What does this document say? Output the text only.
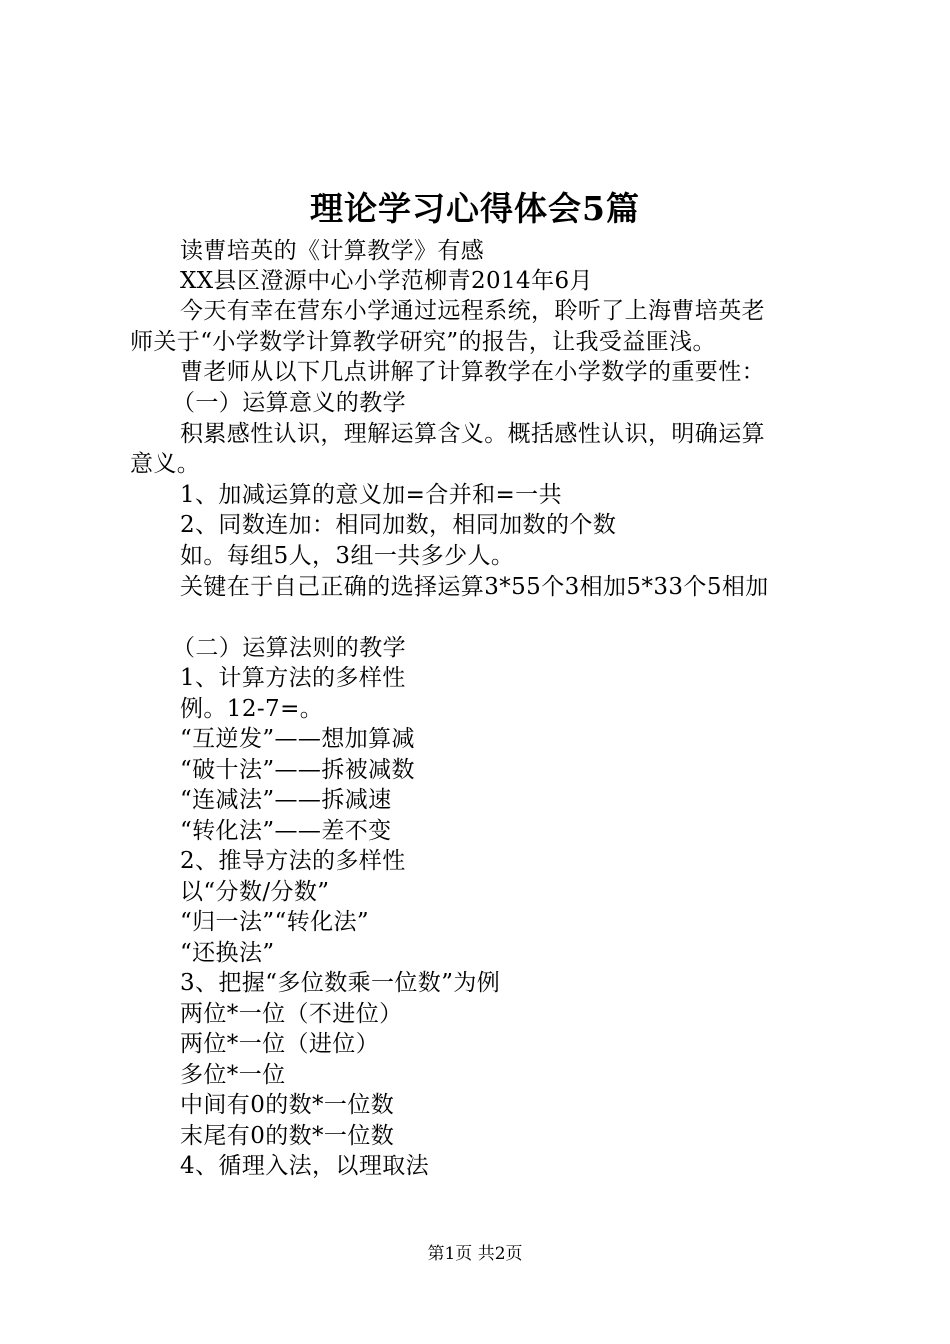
理论学习心得体会5篇
读曹培英的《计算教学》有感
XX县区澄源中心小学范柳青2014年6月
今天有幸在营东小学通过远程系统，聆听了上海曹培英老
师关于“小学数学计算教学研究”的报告，让我受益匪浅。
曹老师从以下几点讲解了计算教学在小学数学的重要性：
（一）运算意义的教学
积累感性认识，理解运算含义。概括感性认识，明确运算
意义。
1、加减运算的意义加=合并和=一共
2、同数连加：相同加数，相同加数的个数
如。每组5人，3组一共多少人。
关键在于自己正确的选择运算3*55个3相加5*33个5相加
（二）运算法则的教学
1、计算方法的多样性
例。12-7=。
“互逆发”——想加算减
“破十法”——拆被减数
“连减法”——拆减速
“转化法”——差不变
2、推导方法的多样性
以“分数/分数”
“归一法”“转化法”
“还换法”
3、把握“多位数乘一位数”为例
两位*一位（不进位）
两位*一位（进位）
多位*一位
中间有0的数*一位数
末尾有0的数*一位数
4、循理入法，以理取法
第1页 共2页
